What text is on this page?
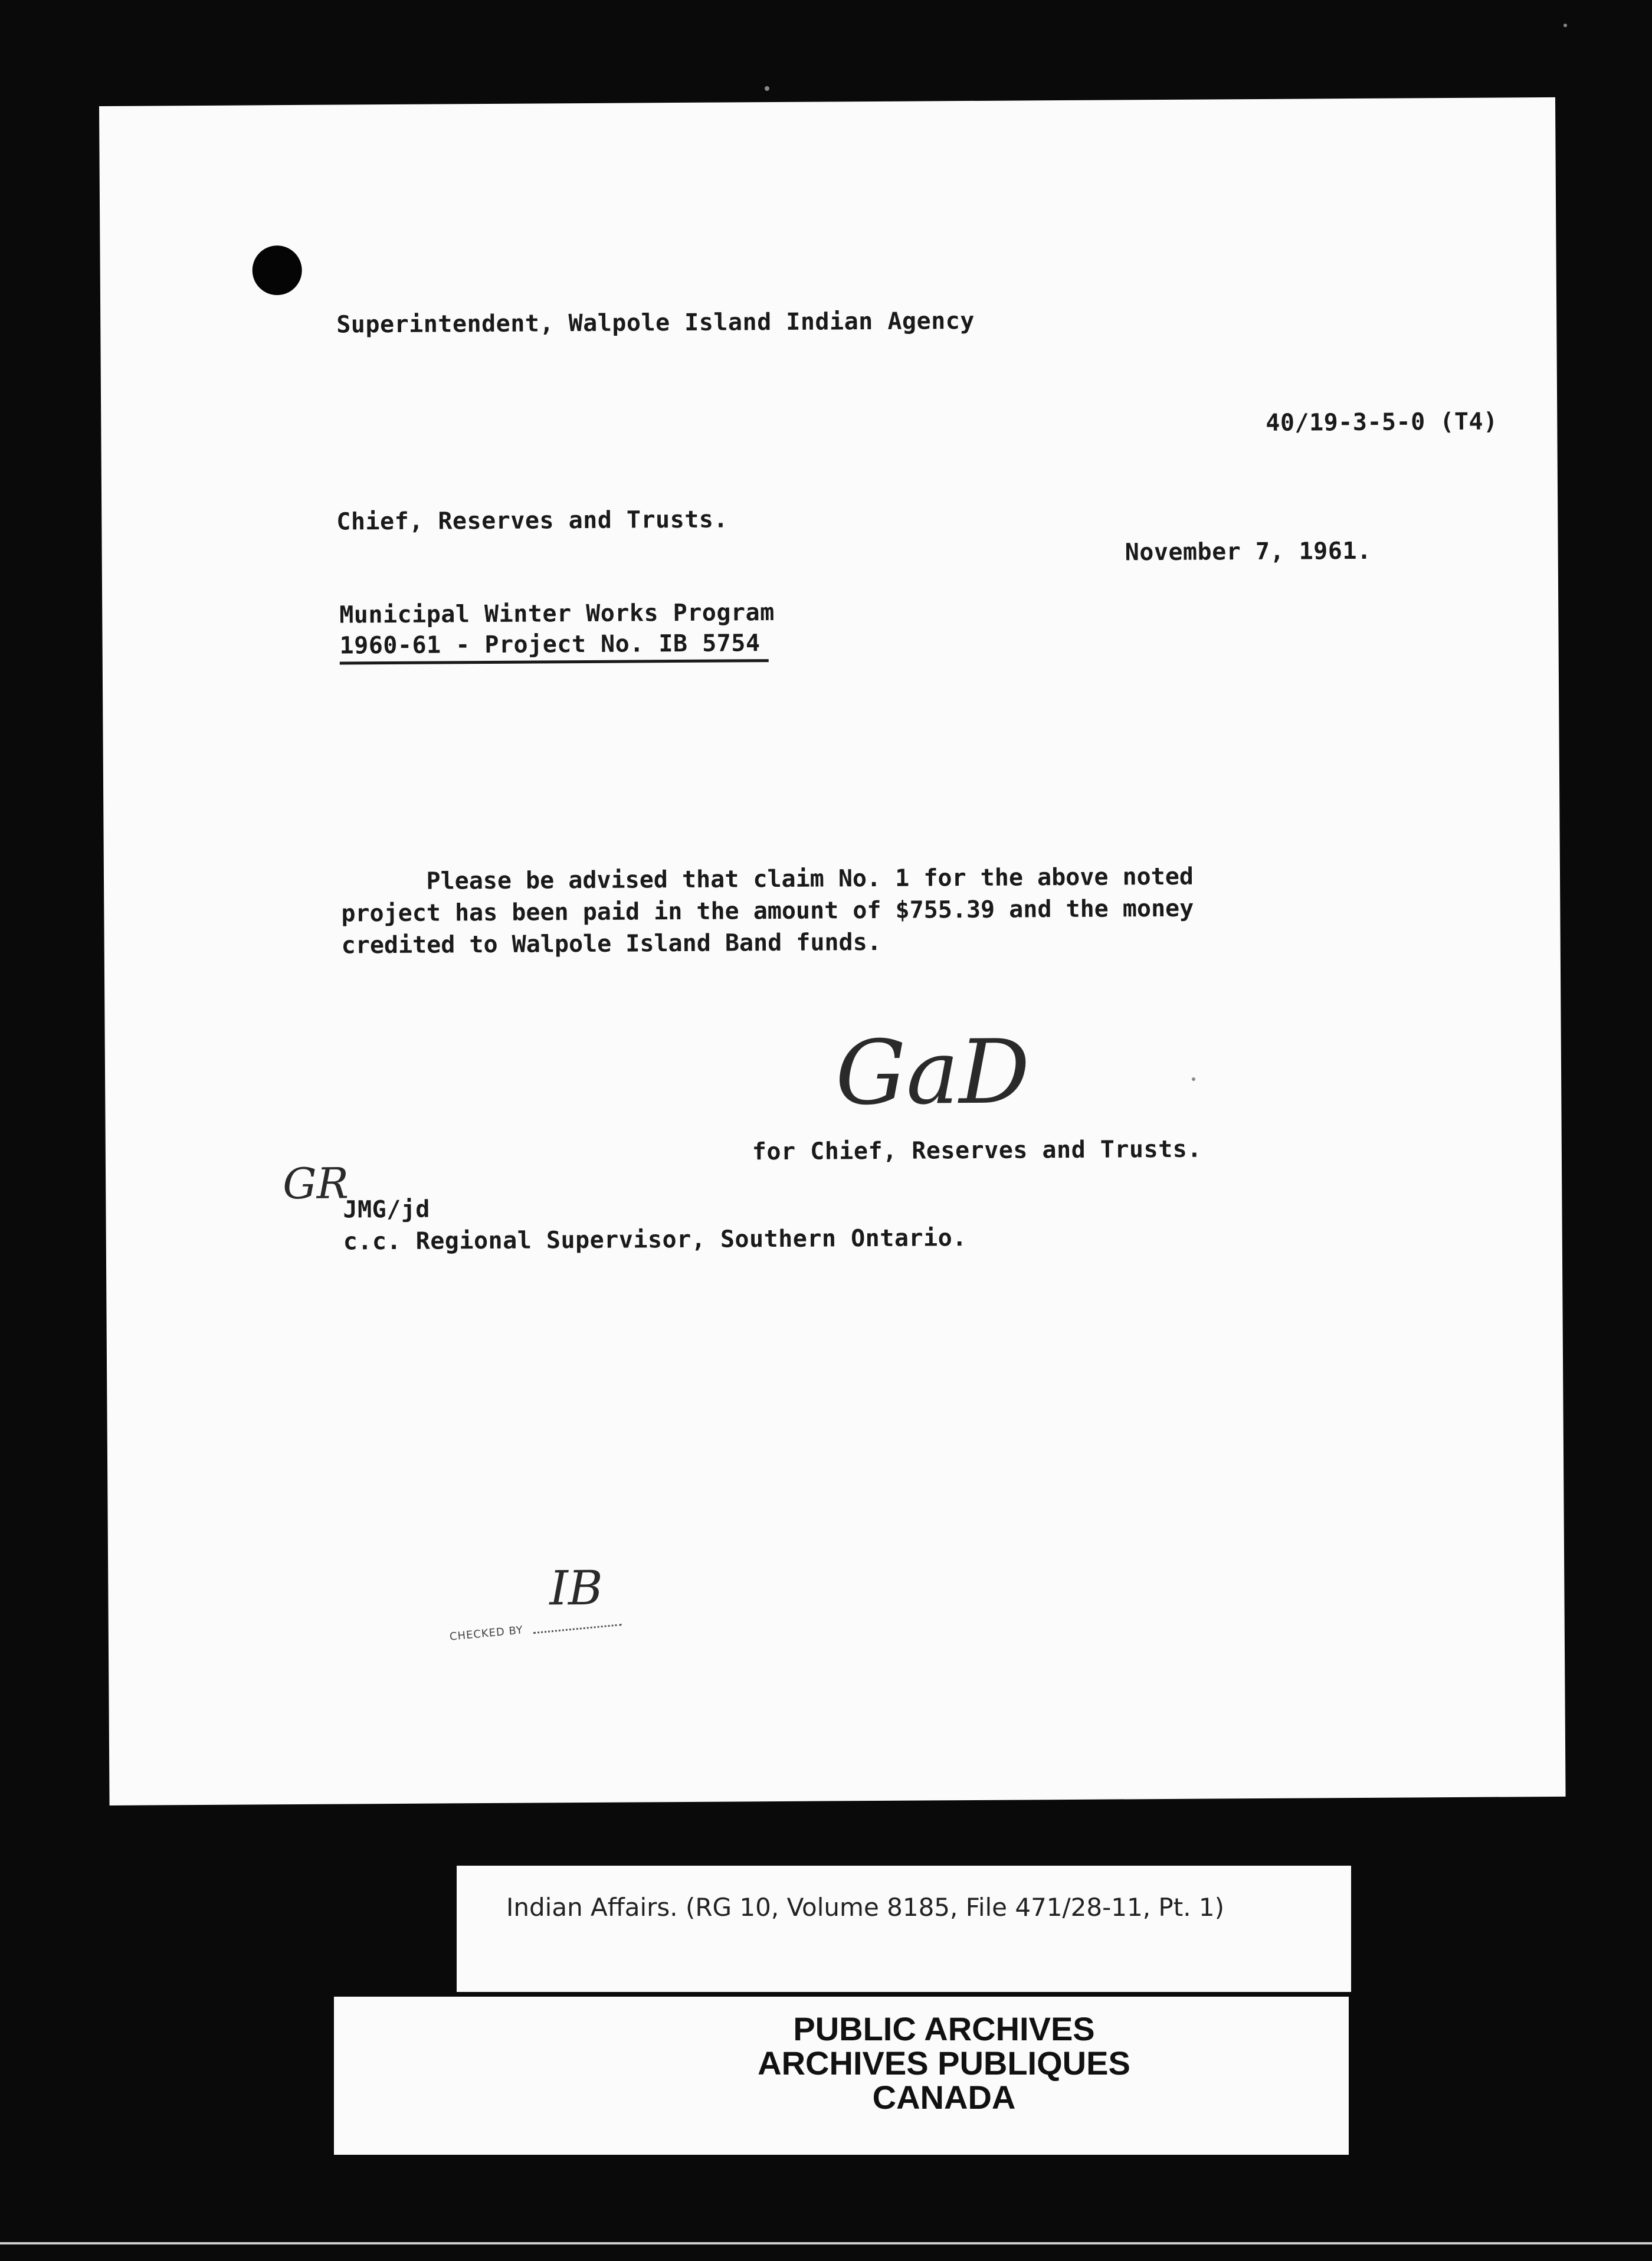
Superintendent, Walpole Island Indian Agency
40/19-3-5-0 (T4)
Chief, Reserves and Trusts.
November 7, 1961.
Municipal Winter Works Program
1960-61 - Project No. IB 5754
Please be advised that claim No. 1 for the above noted
project has been paid in the amount of $755.39 and the money
credited to Walpole Island Band funds.
GaD
for Chief, Reserves and Trusts.
GR
JMG/jd
c.c. Regional Supervisor, Southern Ontario.
CHECKED BY
IB
Indian Affairs. (RG 10, Volume 8185, File 471/28-11, Pt. 1)
PUBLIC ARCHIVES
ARCHIVES PUBLIQUES
CANADA
